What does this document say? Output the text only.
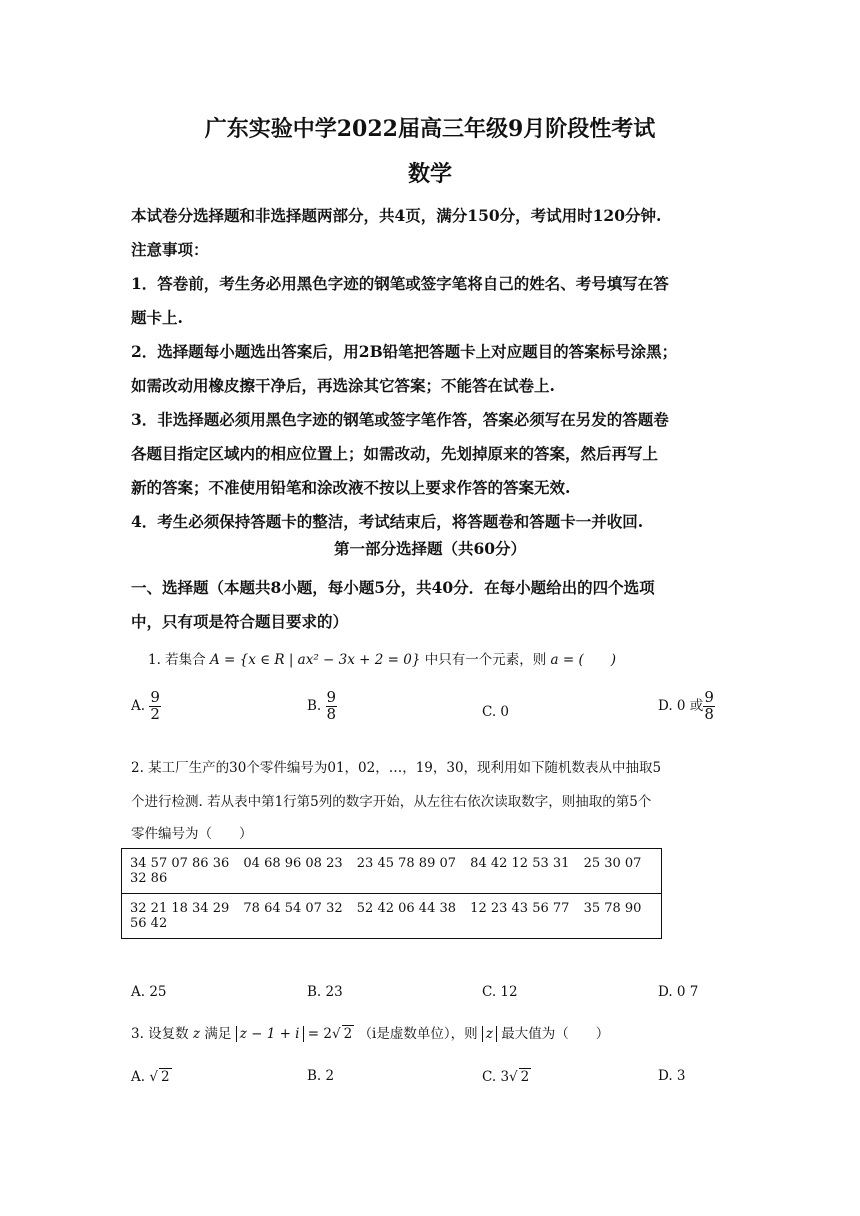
广东实验中学2022届高三年级9月阶段性考试
数学
本试卷分选择题和非选择题两部分，共4页，满分150分，考试用时120分钟.
注意事项：
1．答卷前，考生务必用黑色字迹的钢笔或签字笔将自己的姓名、考号填写在答
题卡上.
2．选择题每小题选出答案后，用2B铅笔把答题卡上对应题目的答案标号涂黑；
如需改动用橡皮擦干净后，再选涂其它答案；不能答在试卷上.
3．非选择题必须用黑色字迹的钢笔或签字笔作答，答案必须写在另发的答题卷
各题目指定区域内的相应位置上；如需改动，先划掉原来的答案，然后再写上
新的答案；不准使用铅笔和涂改液不按以上要求作答的答案无效.
4．考生必须保持答题卡的整洁，考试结束后，将答题卷和答题卡一并收回.
第一部分选择题（共60分）
一、选择题（本题共8小题，每小题5分，共40分．在每小题给出的四个选项
中，只有项是符合题目要求的）
1. 若集合 A = {x ∈ R | ax² − 3x + 2 = 0} 中只有一个元素，则 a = (　　)
A. $\frac{9}{2}$	B. $\frac{9}{8}$	C. 0	D. 0 或 $\frac{9}{8}$
2. 某工厂生产的30个零件编号为01，02，…，19，30，现利用如下随机数表从中抽取5
个进行检测. 若从表中第1行第5列的数字开始，从左往右依次读取数字，则抽取的第5个
零件编号为（　　）
34 57 07 86 36 04 68 96 08 23 23 45 78 89 07 84 42 12 53 31 25 30 07 32 86
32 21 18 34 29 78 64 54 07 32 52 42 06 44 38 12 23 43 56 77 35 78 90 56 42
A. 25	B. 23	C. 12	D. 0 7
3. 设复数 z 满足 z − 1 + i = 2√ 2 （i是虚数单位），则 z 最大值为（　　）
A. √ 2	B. 2	C. 3√ 2	D. 3
